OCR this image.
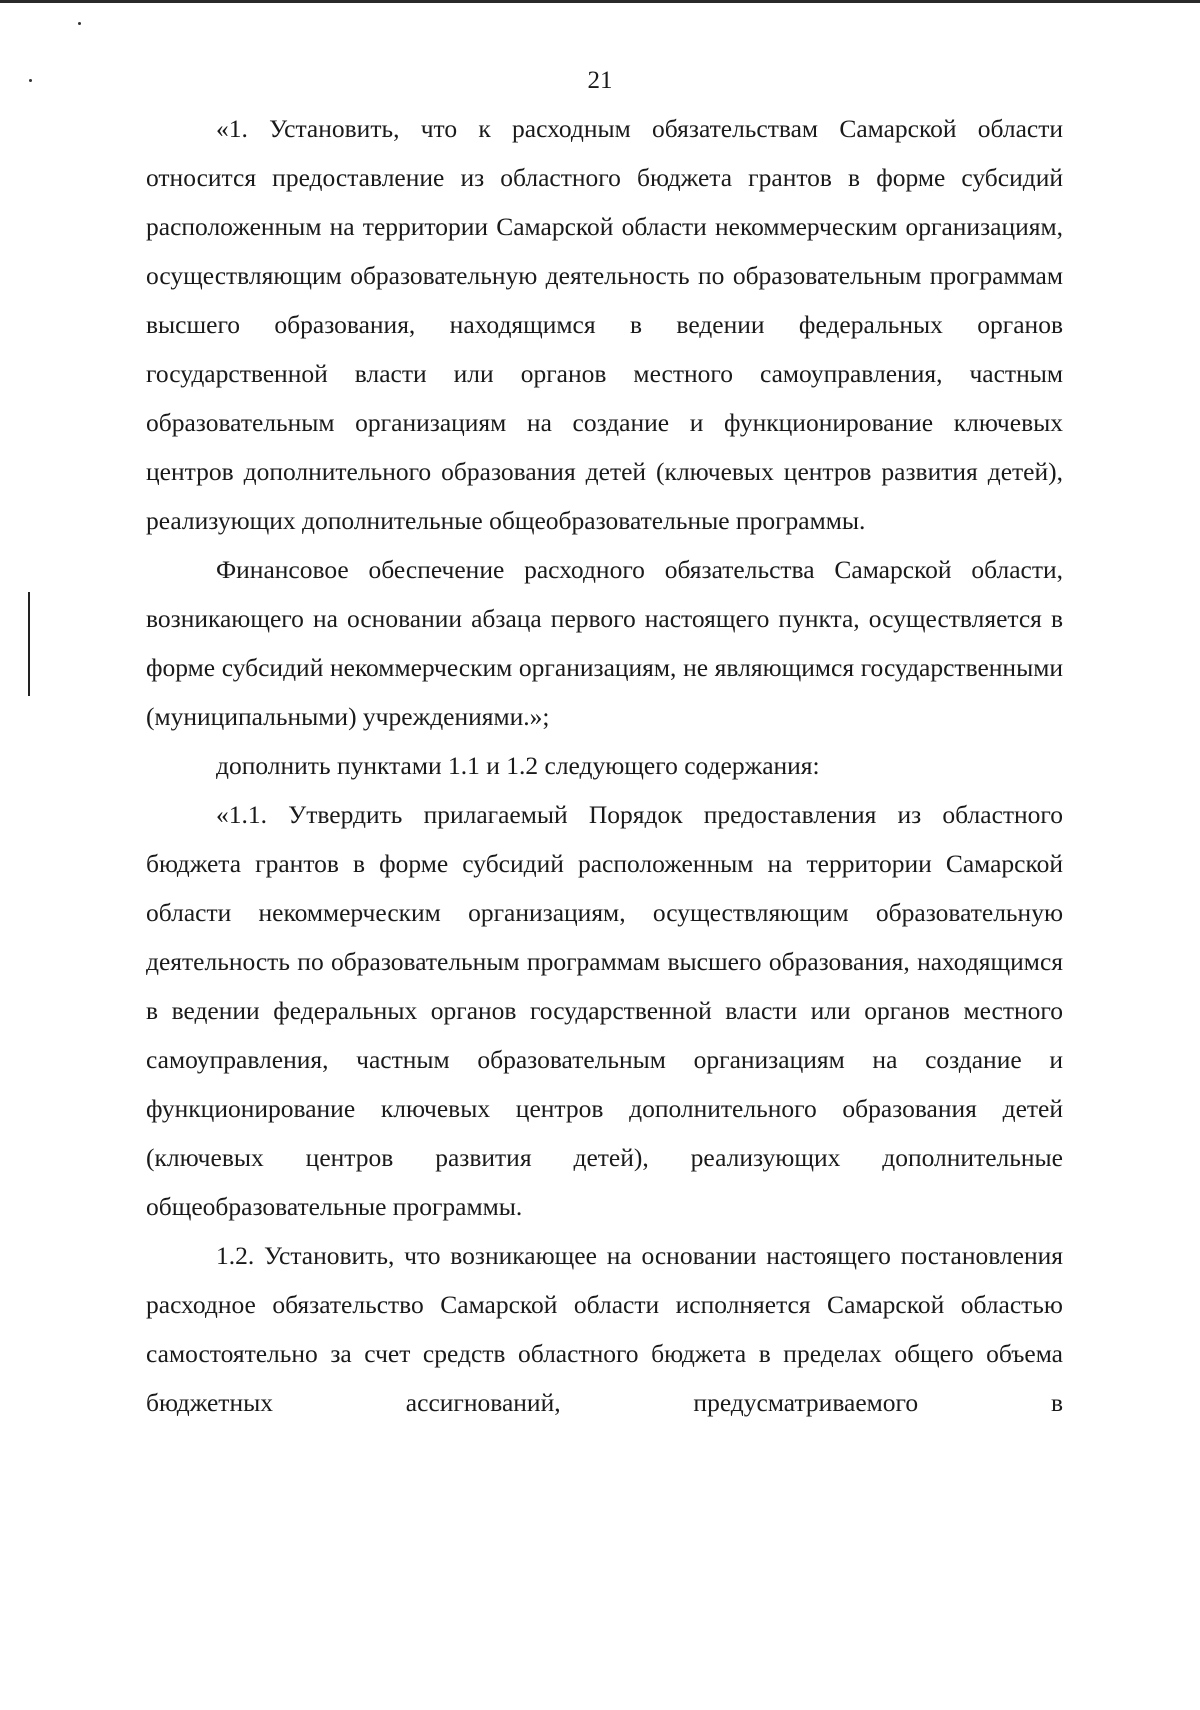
21

«1. Установить, что к расходным обязательствам Самарской области относится предоставление из областного бюджета грантов в форме субсидий расположенным на территории Самарской области некоммерческим организациям, осуществляющим образовательную деятельность по образовательным программам высшего образования, находящимся в ведении федеральных органов государственной власти или органов местного самоуправления, частным образовательным организациям на создание и функционирование ключевых центров дополнительного образования детей (ключевых центров развития детей), реализующих дополнительные общеобразовательные программы.

Финансовое обеспечение расходного обязательства Самарской области, возникающего на основании абзаца первого настоящего пункта, осуществляется в форме субсидий некоммерческим организациям, не являющимся государственными (муниципальными) учреждениями.»;

дополнить пунктами 1.1 и 1.2 следующего содержания:

«1.1. Утвердить прилагаемый Порядок предоставления из областного бюджета грантов в форме субсидий расположенным на территории Самарской области некоммерческим организациям, осуществляющим образовательную деятельность по образовательным программам высшего образования, находящимся в ведении федеральных органов государственной власти или органов местного самоуправления, частным образовательным организациям на создание и функционирование ключевых центров дополнительного образования детей (ключевых центров развития детей), реализующих дополнительные общеобразовательные программы.

1.2. Установить, что возникающее на основании настоящего постановления расходное обязательство Самарской области исполняется Самарской областью самостоятельно за счет средств областного бюджета в пределах общего объема бюджетных ассигнований, предусматриваемого в
